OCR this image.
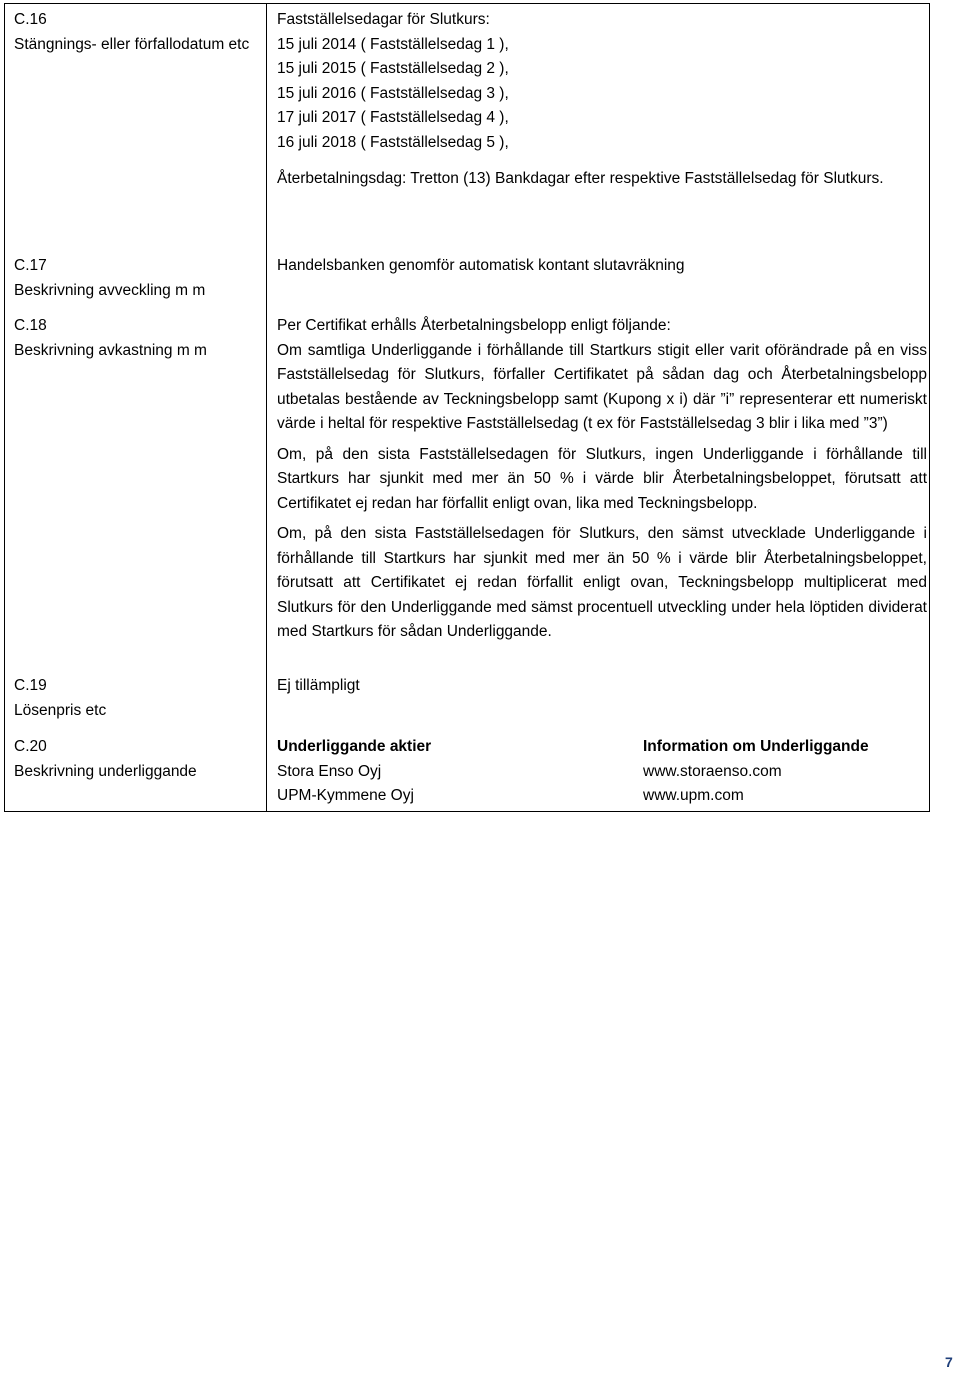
C.16
Stängnings- eller förfallodatum etc

Fastställelsedagar för Slutkurs:

15 juli 2014 ( Fastställelsedag 1 ),

15 juli 2015 ( Fastställelsedag 2 ),

15 juli 2016 ( Fastställelsedag 3 ),

17 juli 2017 ( Fastställelsedag 4 ),

16 juli 2018 ( Fastställelsedag 5 ),

Återbetalningsdag: Tretton (13) Bankdagar efter respektive Fastställelsedag för Slutkurs.

C.17
Beskrivning avveckling m m

Handelsbanken genomför automatisk kontant slutavräkning

C.18
Beskrivning avkastning m m

Per Certifikat erhålls Återbetalningsbelopp enligt följande:

Om samtliga Underliggande i förhållande till Startkurs stigit eller varit oförändrade på en viss Fastställelsedag för Slutkurs, förfaller Certifikatet på sådan dag och Återbetalningsbelopp utbetalas bestående av Teckningsbelopp samt (Kupong x i) där ”i” representerar ett numeriskt värde i heltal för respektive Fastställelsedag (t ex för Fastställelsedag 3 blir i lika med ”3”)

Om, på den sista Fastställelsedagen för Slutkurs, ingen Underliggande i förhållande till Startkurs har sjunkit med mer än 50 % i värde blir Återbetalningsbeloppet, förutsatt att Certifikatet ej redan har förfallit enligt ovan, lika med Teckningsbelopp.

Om, på den sista Fastställelsedagen för Slutkurs, den sämst utvecklade Underliggande i förhållande till Startkurs har sjunkit med mer än 50 % i värde blir Återbetalningsbeloppet, förutsatt att Certifikatet ej redan förfallit enligt ovan, Teckningsbelopp multiplicerat med Slutkurs för den Underliggande med sämst procentuell utveckling under hela löptiden dividerat med Startkurs för sådan Underliggande.

C.19
Lösenpris etc

Ej tillämpligt

C.20
Beskrivning underliggande

Underliggande aktier

Stora Enso Oyj

UPM-Kymmene Oyj

Information om Underliggande
www.storaenso.com
www.upm.com
7
